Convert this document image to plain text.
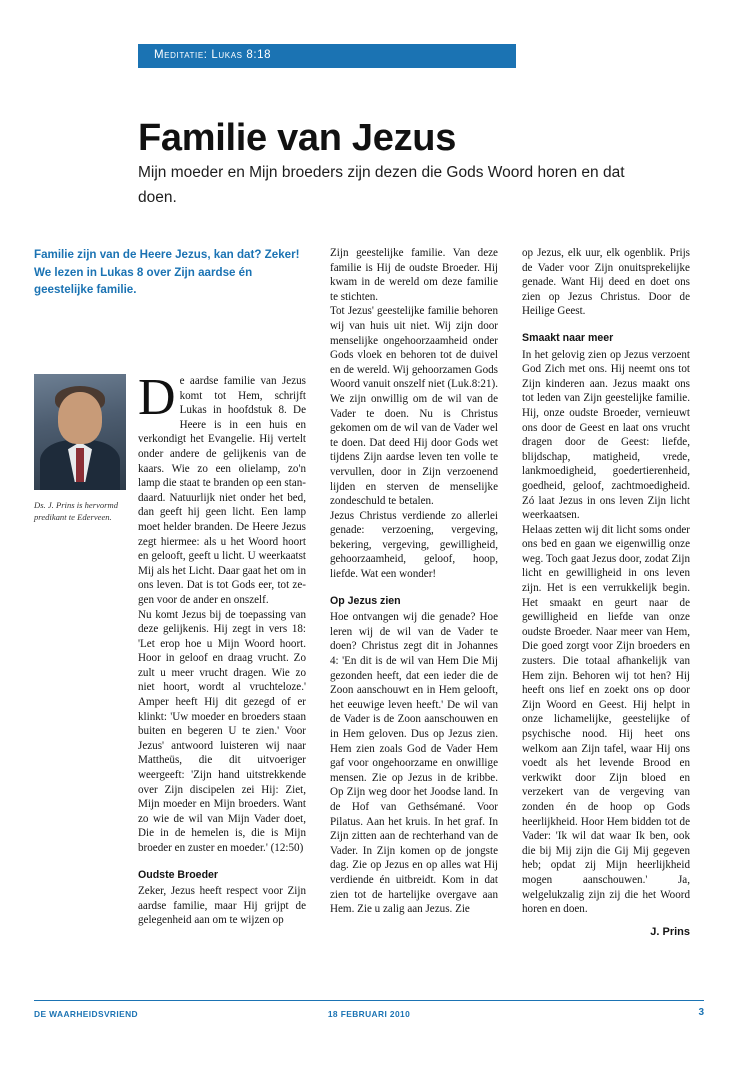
Meditatie: Lukas 8:18
Familie van Jezus
Mijn moeder en Mijn broeders zijn dezen die Gods Woord horen en dat doen.
Familie zijn van de Heere Jezus, kan dat? Zeker! We lezen in Lukas 8 over Zijn aardse én geestelijke familie.
Ds. J. Prins is hervormd predikant te Ederveen.

De aardse familie van Jezus komt tot Hem, schrijft Lukas in hoofdstuk 8. De Heere is in een huis en verkondigt het Evangelie. Hij vertelt onder andere de gelijkenis van de kaars. Wie zo een olielamp, zo'n lamp die staat te branden op een standaard. Natuurlijk niet onder het bed, dan geeft hij geen licht. Een lamp moet helder branden. De Heere Jezus zegt hiermee: als u het Woord hoort en gelooft, geeft u licht. U weerkaatst Mij als het Licht. Daar gaat het om in ons leven. Dat is tot Gods eer, tot zegen voor de ander en onszelf.

Nu komt Jezus bij de toepassing van deze gelijkenis. Hij zegt in vers 18: 'Let erop hoe u Mijn Woord hoort. Hoor in geloof en draag vrucht. Zo zult u meer vrucht dragen. Wie zo niet hoort, wordt al vruchteloze.' Amper heeft Hij dit gezegd of er klinkt: 'Uw moeder en broeders staan buiten en begeren U te zien.' Voor Jezus' antwoord luisteren wij naar Mattheüs, die dit uitvoeriger weergeeft: 'Zijn hand uitstrekkende over Zijn discipelen zei Hij: Ziet, Mijn moeder en Mijn broeders. Want zo wie de wil van Mijn Vader doet, Die in de hemelen is, die is Mijn broeder en zuster en moeder.' (12:50)

Oudste Broeder

Zeker, Jezus heeft respect voor Zijn aardse familie, maar Hij grijpt de gelegenheid aan om te wijzen op

Zijn geestelijke familie. Van deze familie is Hij de oudste Broeder. Hij kwam in de wereld om deze familie te stichten.

Tot Jezus' geestelijke familie behoren wij van huis uit niet. Wij zijn door menselijke ongehoorzaamheid onder Gods vloek en behoren tot de duivel en de wereld. Wij gehoorzamen Gods Woord vanuit onszelf niet (Luk.8:21). We zijn onwillig om de wil van de Vader te doen. Nu is Christus gekomen om de wil van de Vader wel te doen. Dat deed Hij door Gods wet tijdens Zijn aardse leven ten volle te vervullen, door in Zijn verzoenend lijden en sterven de menselijke zondeschuld te betalen.

Jezus Christus verdiende zo allerlei genade: verzoening, vergeving, bekering, vergeving, gewilligheid, gehoorzaamheid, geloof, hoop, liefde. Wat een wonder!

Op Jezus zien

Hoe ontvangen wij die genade? Hoe leren wij de wil van de Vader te doen? Christus zegt dit in Johannes 4: 'En dit is de wil van Hem Die Mij gezonden heeft, dat een ieder die de Zoon aanschouwt en in Hem gelooft, het eeuwige leven heeft.' De wil van de Vader is de Zoon aanschouwen en in Hem geloven. Dus op Jezus zien. Hem zien zoals God de Vader Hem gaf voor ongehoorzame en onwillige mensen. Zie op Jezus in de kribbe. Op Zijn weg door het Joodse land. In de Hof van Gethsémané. Voor Pilatus. Aan het kruis. In het graf. In Zijn zitten aan de rechterhand van de Vader. In Zijn komen op de jongste dag. Zie op Jezus en op alles wat Hij verdiende én uitbreidt. Kom in dat zien tot de hartelijke overgave aan Hem. Zie u zalig aan Jezus. Zie

op Jezus, elk uur, elk ogenblik. Prijs de Vader voor Zijn onuitsprekelijke genade. Want Hij deed en doet ons zien op Jezus Christus. Door de Heilige Geest.

Smaakt naar meer

In het gelovig zien op Jezus verzoent God Zich met ons. Hij neemt ons tot Zijn kinderen aan. Jezus maakt ons tot leden van Zijn geestelijke familie. Hij, onze oudste Broeder, vernieuwt ons door de Geest en laat ons vrucht dragen door de Geest: liefde, blijdschap, matigheid, vrede, lankmoedigheid, goedertierenheid, goedheid, geloof, zachtmoedigheid. Zó laat Jezus in ons leven Zijn licht weerkaatsen.

Helaas zetten wij dit licht soms onder ons bed en gaan we eigenwillig onze weg. Toch gaat Jezus door, zodat Zijn licht en gewilligheid in ons leven zijn. Het is een verrukkelijk begin. Het smaakt en geurt naar de gewilligheid en liefde van onze oudste Broeder. Naar meer van Hem, Die goed zorgt voor Zijn broeders en zusters. Die totaal afhankelijk van Hem zijn. Behoren wij tot hen? Hij heeft ons lief en zoekt ons op door Zijn Woord en Geest. Hij helpt in onze lichamelijke, geestelijke of psychische nood. Hij heet ons welkom aan Zijn tafel, waar Hij ons voedt als het levende Brood en verkwikt door Zijn bloed en verzekert van de vergeving van zonden én de hoop op Gods heerlijkheid. Hoor Hem bidden tot de Vader: 'Ik wil dat waar Ik ben, ook die bij Mij zijn die Gij Mij gegeven heb; opdat zij Mijn heerlijkheid mogen aanschouwen.' Ja, welgelukzalig zijn zij die het Woord horen en doen.

J. Prins
DE WAARHEIDSVRIEND	18 FEBRUARI 2010	3
